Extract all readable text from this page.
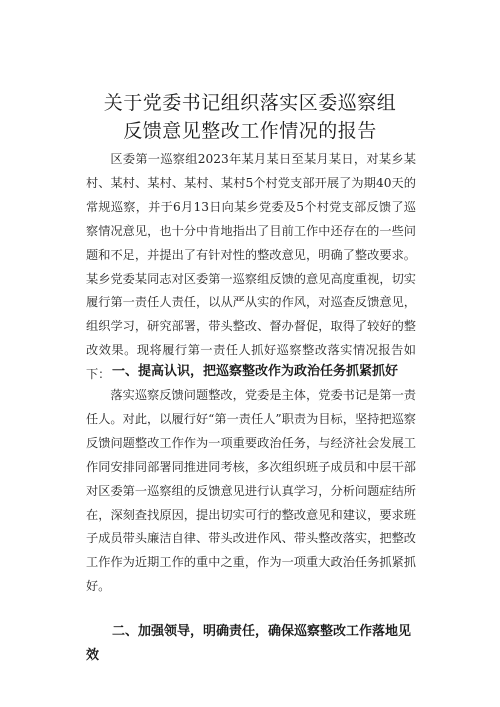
关于党委书记组织落实区委巡察组
反馈意见整改工作情况的报告

区委第一巡察组2023年某月某日至某月某日，对某乡某村、某村、某村、某村、某村5个村党支部开展了为期40天的常规巡察，并于6月13日向某乡党委及5个村党支部反馈了巡察情况意见，也十分中肯地指出了目前工作中还存在的一些问题和不足，并提出了有针对性的整改意见，明确了整改要求。某乡党委某同志对区委第一巡察组反馈的意见高度重视，切实履行第一责任人责任，以从严从实的作风，对巡查反馈意见，组织学习，研究部署，带头整改、督办督促，取得了较好的整改效果。现将履行第一责任人抓好巡察整改落实情况报告如下： 一、提高认识，把巡察整改作为政治任务抓紧抓好

落实巡察反馈问题整改，党委是主体，党委书记是第一责任人。对此，以履行好“第一责任人”职责为目标，坚持把巡察反馈问题整改工作作为一项重要政治任务，与经济社会发展工作同安排同部署同推进同考核，多次组织班子成员和中层干部对区委第一巡察组的反馈意见进行认真学习，分析问题症结所在，深刻查找原因，提出切实可行的整改意见和建议，要求班子成员带头廉洁自律、带头改进作风、带头整改落实，把整改工作作为近期工作的重中之重，作为一项重大政治任务抓紧抓好。

二、加强领导，明确责任，确保巡察整改工作落地见效
